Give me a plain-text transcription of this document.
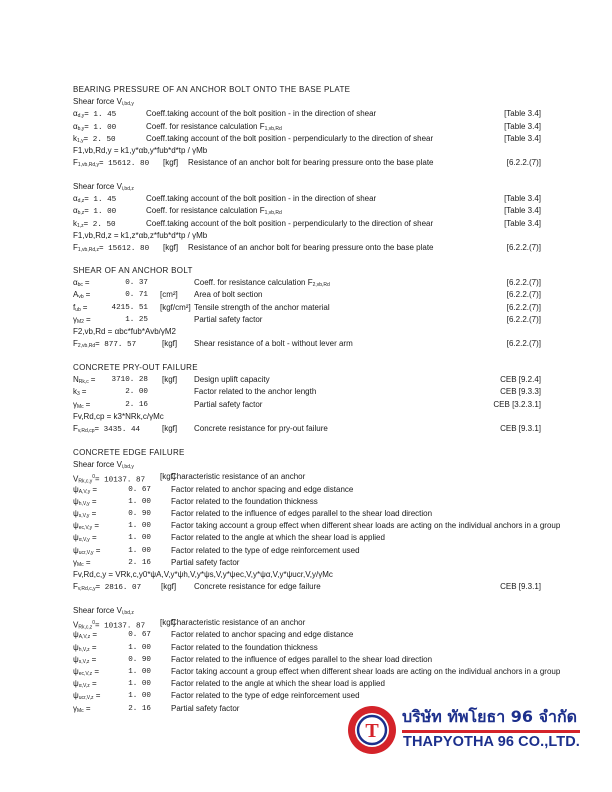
BEARING PRESSURE OF AN ANCHOR BOLT ONTO THE BASE PLATE
Shear force $V_{i,bd,y}$
$\alpha_{d,y}= 1$. 45	Coeff.taking account of the bolt position - in the direction of shear	[Table 3.4]
$\alpha_{b,y}= 1$. 00	Coeff. for resistance calculation $F_{1,vb,Rd}$	[Table 3.4]
$k_{1,y}= 2$. 50	Coeff.taking account of the bolt position - perpendicularly to the direction of shear	[Table 3.4]
F1,vb,Rd,y = k1,y*αb,y*fub*d*tp / γMb
$F_{1,vb,Rd,y}= 15612$. 80 [kgf] Resistance of an anchor bolt for bearing pressure onto the base plate	[6.2.2.(7)]
Shear force $V_{i,bd,z}$
$\alpha_{d,z}= 1$. 45	Coeff.taking account of the bolt position - in the direction of shear	[Table 3.4]
$\alpha_{b,z}= 1$. 00	Coeff. for resistance calculation $F_{1,vb,Rd}$	[Table 3.4]
$k_{1,z}= 2$. 50	Coeff.taking account of the bolt position - perpendicularly to the direction of shear	[Table 3.4]
F1,vb,Rd,z = k1,z*αb,z*fub*d*tp / γMb
$F_{1,vb,Rd,z}= 15612$. 80 [kgf] Resistance of an anchor bolt for bearing pressure onto the base plate	[6.2.2.(7)]
SHEAR OF AN ANCHOR BOLT
$\alpha_{bc}$ =	0. 37	Coeff. for resistance calculation $F_{2,vb,Rd}$	[6.2.2.(7)]
$A_{vb}$ =	0. 71 [cm²] Area of bolt section	[6.2.2.(7)]
$f_{ub}$ =	4215. 51 [kgf/cm²] Tensile strength of the anchor material	[6.2.2.(7)]
$\gamma_{M2}$ =	1. 25	Partial safety factor	[6.2.2.(7)]
F2,vb,Rd = αbc*fub*Avb/γM2
$F_{2,vb,Rd}= 877$. 57	[kgf] Shear resistance of a bolt - without lever arm	[6.2.2.(7)]
CONCRETE PRY-OUT FAILURE
$N_{Rk,c}$ =	3710. 28 [kgf] Design uplift capacity	CEB [9.2.4]
$k_3$ =	2. 00	Factor related to the anchor length	CEB [9.3.3]
$\gamma_{Mc}$ =	2. 16	Partial safety factor	CEB [3.2.3.1]
Fv,Rd,cp = k3*NRk,c/γMc
$F_{v,Rd,cp}= 3435$. 44	[kgf] Concrete resistance for pry-out failure	CEB [9.3.1]
CONCRETE EDGE FAILURE
Shear force $V_{i,bd,y}$
$V_{Rk,c,y}^0= 10137$. 87 [kgf]
Characteristic resistance of an anchor
$\psi_{A,V,y}$ =	0. 67	Factor related to anchor spacing and edge distance
$\psi_{h,V,y}$ =	1. 00	Factor related to the foundation thickness
$\psi_{s,V,y}$ =	0. 90	Factor related to the influence of edges parallel to the shear load direction
$\psi_{ec,V,y}$ =	1. 00	Factor taking account a group effect when different shear loads are acting on the individual anchors in a group
$\psi_{\alpha,V,y}$ =	1. 00	Factor related to the angle at which the shear load is applied
$\psi_{ucr,V,y}$ =	1. 00	Factor related to the type of edge reinforcement used
$\gamma_{Mc}$ =	2. 16	Partial safety factor
Fv,Rd,c,y = VRk,c,y0*ψA,V,y*ψh,V,y*ψs,V,y*ψec,V,y*ψα,V,y*ψucr,V,y/γMc
$F_{v,Rd,c,y}= 2816$. 07 [kgf] Concrete resistance for edge failure	CEB [9.3.1]
Shear force $V_{i,bd,z}$
$V_{Rk,c,z}^0= 10137$. 87 [kgf]
Characteristic resistance of an anchor
$\psi_{A,V,z}$ =	0. 67	Factor related to anchor spacing and edge distance
$\psi_{h,V,z}$ =	1. 00	Factor related to the foundation thickness
$\psi_{s,V,z}$ =	0. 90	Factor related to the influence of edges parallel to the shear load direction
$\psi_{ec,V,z}$ =	1. 00	Factor taking account a group effect when different shear loads are acting on the individual anchors in a group
$\psi_{\alpha,V,z}$ =	1. 00	Factor related to the angle at which the shear load is applied
$\psi_{ucr,V,z}$ =	1. 00	Factor related to the type of edge reinforcement used
$\gamma_{Mc}$ =	2. 16	Partial safety factor
T
บริษัท ทัพโยธา 96 จำกัด
THAPYOTHA 96 CO.,LTD.
